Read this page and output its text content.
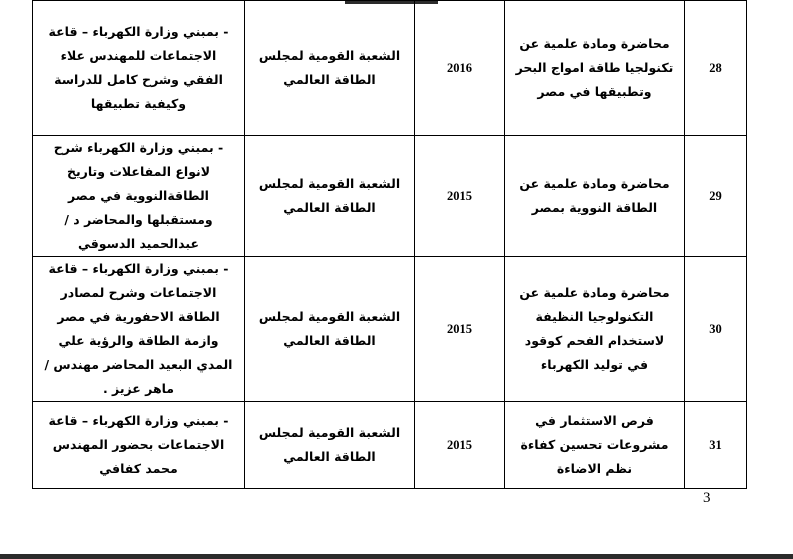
28	محاضرة ومادة علمية عن تكنولجيا طاقة امواج البحر وتطبيقها في مصر	2016	الشعبة القومية لمجلس الطاقة العالمي	- بمبني وزارة الكهرباء – قاعة الاجتماعات للمهندس علاء الفقي وشرح كامل للدراسة وكيفية تطبيقها
29	محاضرة ومادة علمية عن الطاقة النووية بمصر	2015	الشعبة القومية لمجلس الطاقة العالمي	- بمبني وزارة الكهرباء شرح لانواع المفاعلات وتاريخ الطاقةالنووية في مصر ومستقبلها والمحاضر د / عبدالحميد الدسوقي
30	محاضرة ومادة علمية عن التكنولوجيا النظيفة لاستخدام الفحم كوقود في توليد الكهرباء	2015	الشعبة القومية لمجلس الطاقة العالمي	- بمبني وزارة الكهرباء – قاعة الاجتماعات وشرح لمصادر الطاقة الاحفورية في مصر وازمة الطاقة والرؤية علي المدي البعيد المحاضر مهندس / ماهر عزيز .
31	فرص الاستثمار في مشروعات تحسين كفاءة نظم الاضاءة	2015	الشعبة القومية لمجلس الطاقة العالمي	- بمبني وزارة الكهرباء – قاعة الاجتماعات بحضور المهندس محمد كفافي
3
